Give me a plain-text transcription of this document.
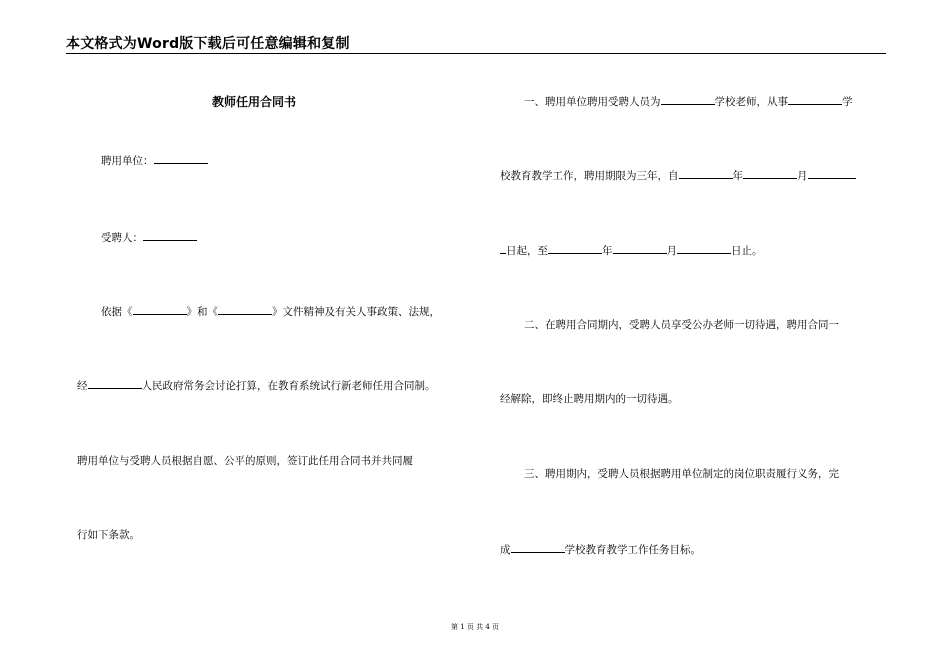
本文格式为Word版下载后可任意编辑和复制
教师任用合同书
聘用单位：
受聘人：
依据《	》和《	》文件精神及有关人事政策、法规，
经	人民政府常务会讨论打算，在教育系统试行新老师任用合同制。
聘用单位与受聘人员根据自愿、公平的原则，签订此任用合同书并共同履
行如下条款。
一、聘用单位聘用受聘人员为	学校老师，从事	学
校教育教学工作，聘用期限为三年，自	年	月
日起，至	年	月	日止。
二、在聘用合同期内，受聘人员享受公办老师一切待遇，聘用合同一
经解除，即终止聘用期内的一切待遇。
三、聘用期内，受聘人员根据聘用单位制定的岗位职责履行义务，完
成	学校教育教学工作任务目标。
第 1 页 共 4 页
